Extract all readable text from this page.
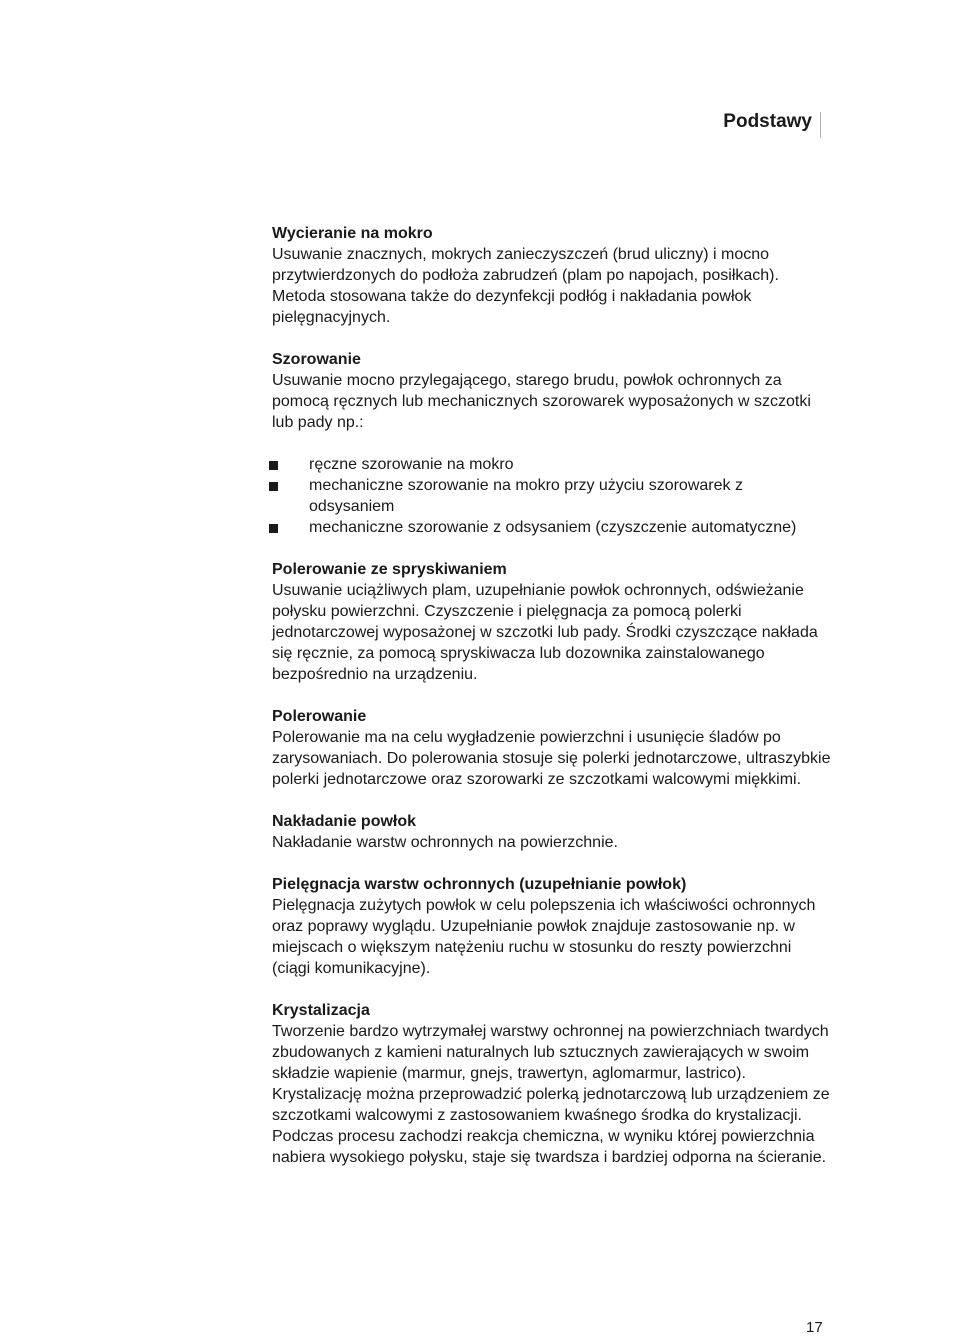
Podstawy

Wycieranie na mokro

Usuwanie znacznych, mokrych zanieczyszczeń (brud uliczny) i mocno przytwierdzonych do podłoża zabrudzeń (plam po napojach, posiłkach).
Metoda stosowana także do dezynfekcji podłóg i nakładania powłok pielęgnacyjnych.

Szorowanie

Usuwanie mocno przylegającego, starego brudu, powłok ochronnych za pomocą ręcznych lub mechanicznych szorowarek wyposażonych w szczotki lub pady np.:

ręczne szorowanie na mokro
mechaniczne szorowanie na mokro przy użyciu szorowarek z odsysaniem
mechaniczne szorowanie z odsysaniem (czyszczenie automatyczne)

Polerowanie ze spryskiwaniem

Usuwanie uciążliwych plam, uzupełnianie powłok ochronnych, odświeżanie połysku powierzchni. Czyszczenie i pielęgnacja za pomocą polerki jednotarczowej wyposażonej w szczotki lub pady. Środki czyszczące nakłada się ręcznie, za pomocą spryskiwacza lub dozownika zainstalowanego bezpośrednio na urządzeniu.

Polerowanie

Polerowanie ma na celu wygładzenie powierzchni i usunięcie śladów po zarysowaniach. Do polerowania stosuje się polerki jednotarczowe, ultraszybkie polerki jednotarczowe oraz szorowarki ze szczotkami walcowymi miękkimi.

Nakładanie powłok

Nakładanie warstw ochronnych na powierzchnie.

Pielęgnacja warstw ochronnych (uzupełnianie powłok)

Pielęgnacja zużytych powłok w celu polepszenia ich właściwości ochronnych oraz poprawy wyglądu. Uzupełnianie powłok znajduje zastosowanie np. w miejscach o większym natężeniu ruchu w stosunku do reszty powierzchni (ciągi komunikacyjne).

Krystalizacja

Tworzenie bardzo wytrzymałej warstwy ochronnej na powierzchniach twardych zbudowanych z kamieni naturalnych lub sztucznych zawierających w swoim składzie wapienie (marmur, gnejs, trawertyn, aglomarmur, lastrico). Krystalizację można przeprowadzić polerką jednotarczową lub urządzeniem ze szczotkami walcowymi z zastosowaniem kwaśnego środka do krystalizacji. Podczas procesu zachodzi reakcja chemiczna, w wyniku której powierzchnia nabiera wysokiego połysku, staje się twardsza i bardziej odporna na ścieranie.

17
